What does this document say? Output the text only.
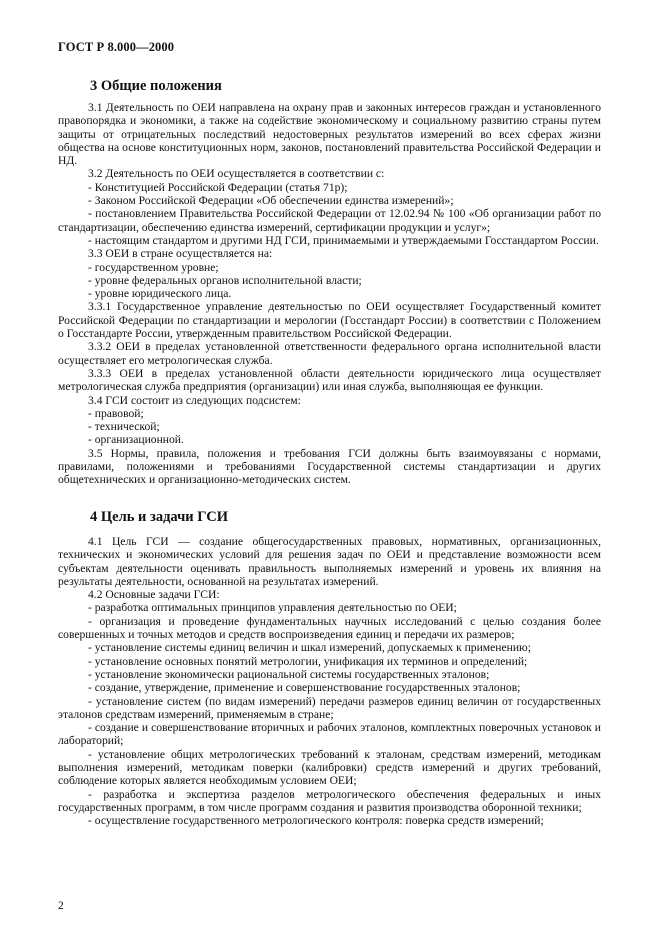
ГОСТ Р 8.000—2000
3 Общие положения

3.1 Деятельность по ОЕИ направлена на охрану прав и законных интересов граждан и установленного правопорядка и экономики, а также на содействие экономическому и социальному развитию страны путем защиты от отрицательных последствий недостоверных результатов измерений во всех сферах жизни общества на основе конституционных норм, законов, постановлений правительства Российской Федерации и НД.

3.2 Деятельность по ОЕИ осуществляется в соответствии с:

- Конституцией Российской Федерации (статья 71р);

- Законом Российской Федерации «Об обеспечении единства измерений»;

- постановлением Правительства Российской Федерации от 12.02.94 № 100 «Об организации работ по стандартизации, обеспечению единства измерений, сертификации продукции и услуг»;

- настоящим стандартом и другими НД ГСИ, принимаемыми и утверждаемыми Госстандартом России.

3.3 ОЕИ в стране осуществляется на:

- государственном уровне;

- уровне федеральных органов исполнительной власти;

- уровне юридического лица.

3.3.1 Государственное управление деятельностью по ОЕИ осуществляет Государственный комитет Российской Федерации по стандартизации и мерологии (Госстандарт России) в соответствии с Положением о Госстандарте России, утвержденным правительством Российской Федерации.

3.3.2 ОЕИ в пределах установленной ответственности федерального органа исполнительной власти осуществляет его метрологическая служба.

3.3.3 ОЕИ в пределах установленной области деятельности юридического лица осуществляет метрологическая служба предприятия (организации) или иная служба, выполняющая ее функции.

3.4 ГСИ состоит из следующих подсистем:

- правовой;

- технической;

- организационной.

3.5 Нормы, правила, положения и требования ГСИ должны быть взаимоувязаны с нормами, правилами, положениями и требованиями Государственной системы стандартизации и других общетехнических и организационно-методических систем.

4 Цель и задачи ГСИ

4.1 Цель ГСИ — создание общегосударственных правовых, нормативных, организационных, технических и экономических условий для решения задач по ОЕИ и представление возможности всем субъектам деятельности оценивать правильность выполняемых измерений и уровень их влияния на результаты деятельности, основанной на результатах измерений.

4.2 Основные задачи ГСИ:

- разработка оптимальных принципов управления деятельностью по ОЕИ;

- организация и проведение фундаментальных научных исследований с целью создания более совершенных и точных методов и средств воспроизведения единиц и передачи их размеров;

- установление системы единиц величин и шкал измерений, допускаемых к применению;

- установление основных понятий метрологии, унификация их терминов и определений;

- установление экономически рациональной системы государственных эталонов;

- создание, утверждение, применение и совершенствование государственных эталонов;

- установление систем (по видам измерений) передачи размеров единиц величин от государственных эталонов средствам измерений, применяемым в стране;

- создание и совершенствование вторичных и рабочих эталонов, комплектных поверочных установок и лабораторий;

- установление общих метрологических требований к эталонам, средствам измерений, методикам выполнения измерений, методикам поверки (калибровки) средств измерений и других требований, соблюдение которых является необходимым условием ОЕИ;

- разработка и экспертиза разделов метрологического обеспечения федеральных и иных государственных программ, в том числе программ создания и развития производства оборонной техники;

- осуществление государственного метрологического контроля: поверка средств измерений;

2
